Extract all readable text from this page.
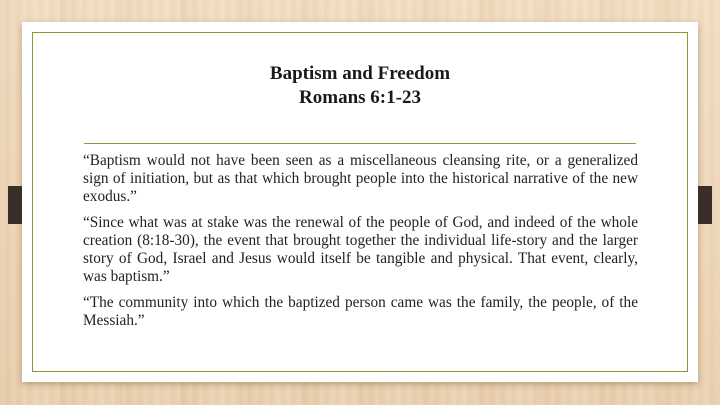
Baptism and Freedom
Romans 6:1-23

“Baptism would not have been seen as a miscellaneous cleansing rite, or a generalized sign of initiation, but as that which brought people into the historical narrative of the new exodus.”

“Since what was at stake was the renewal of the people of God, and indeed of the whole creation (8:18-30), the event that brought together the individual life-story and the larger story of God, Israel and Jesus would itself be tangible and physical. That event, clearly, was baptism.”

“The community into which the baptized person came was the family, the people, of the Messiah.”
